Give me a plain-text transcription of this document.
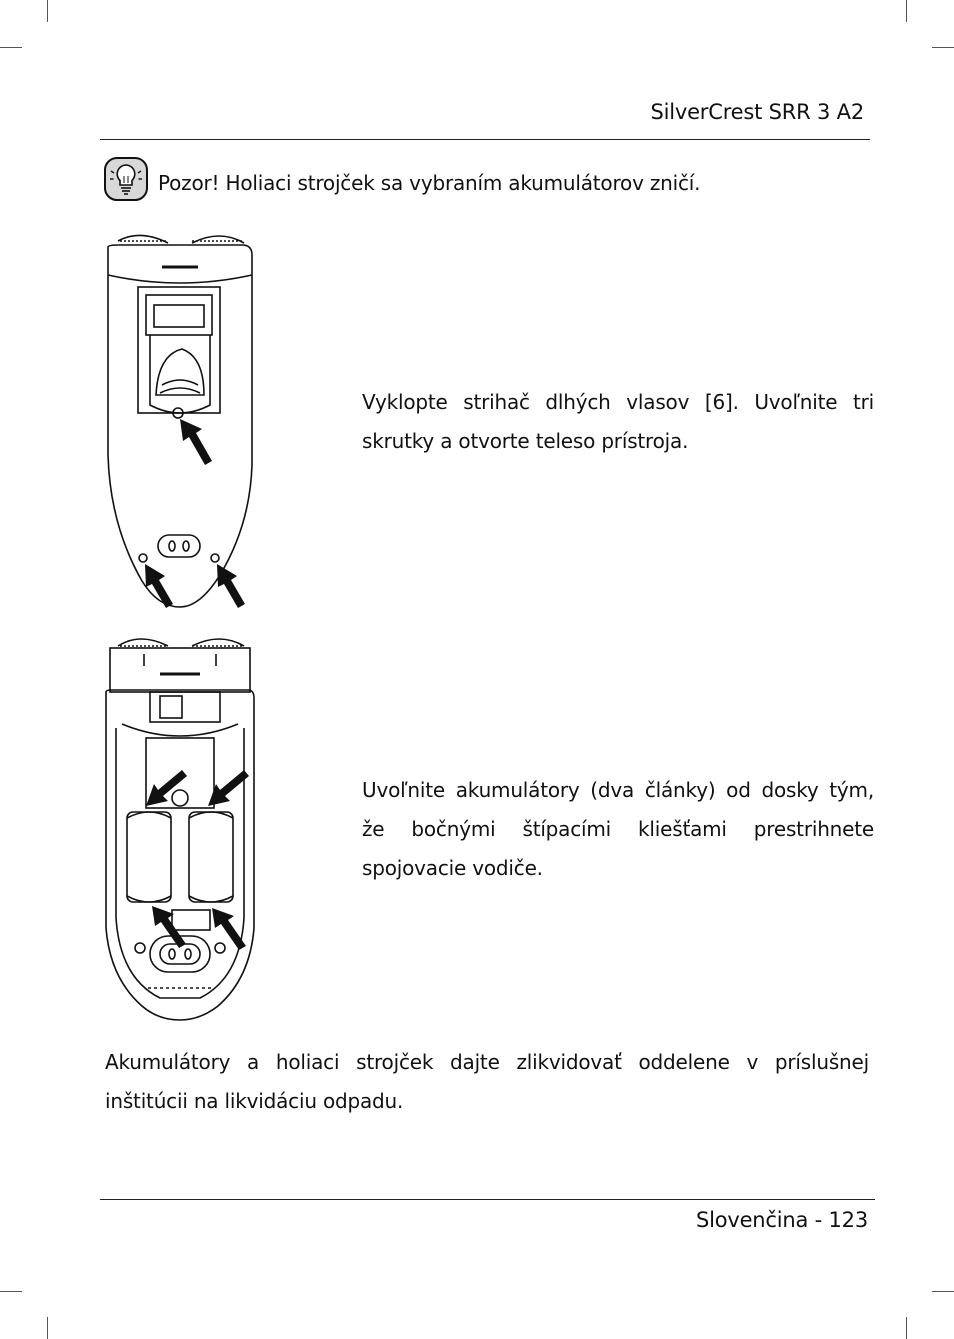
SilverCrest SRR 3 A2
Pozor! Holiaci strojček sa vybraním akumulátorov zničí.
Vyklopte strihač dlhých vlasov [6]. Uvoľnite tri skrutky a otvorte teleso prístroja.
Uvoľnite akumulátory (dva články) od dosky tým, že bočnými štípacími kliešťami prestrihnete spojovacie vodiče.
Akumulátory a holiaci strojček dajte zlikvidovať oddelene v príslušnej inštitúcii na likvidáciu odpadu.
Slovenčina - 123
